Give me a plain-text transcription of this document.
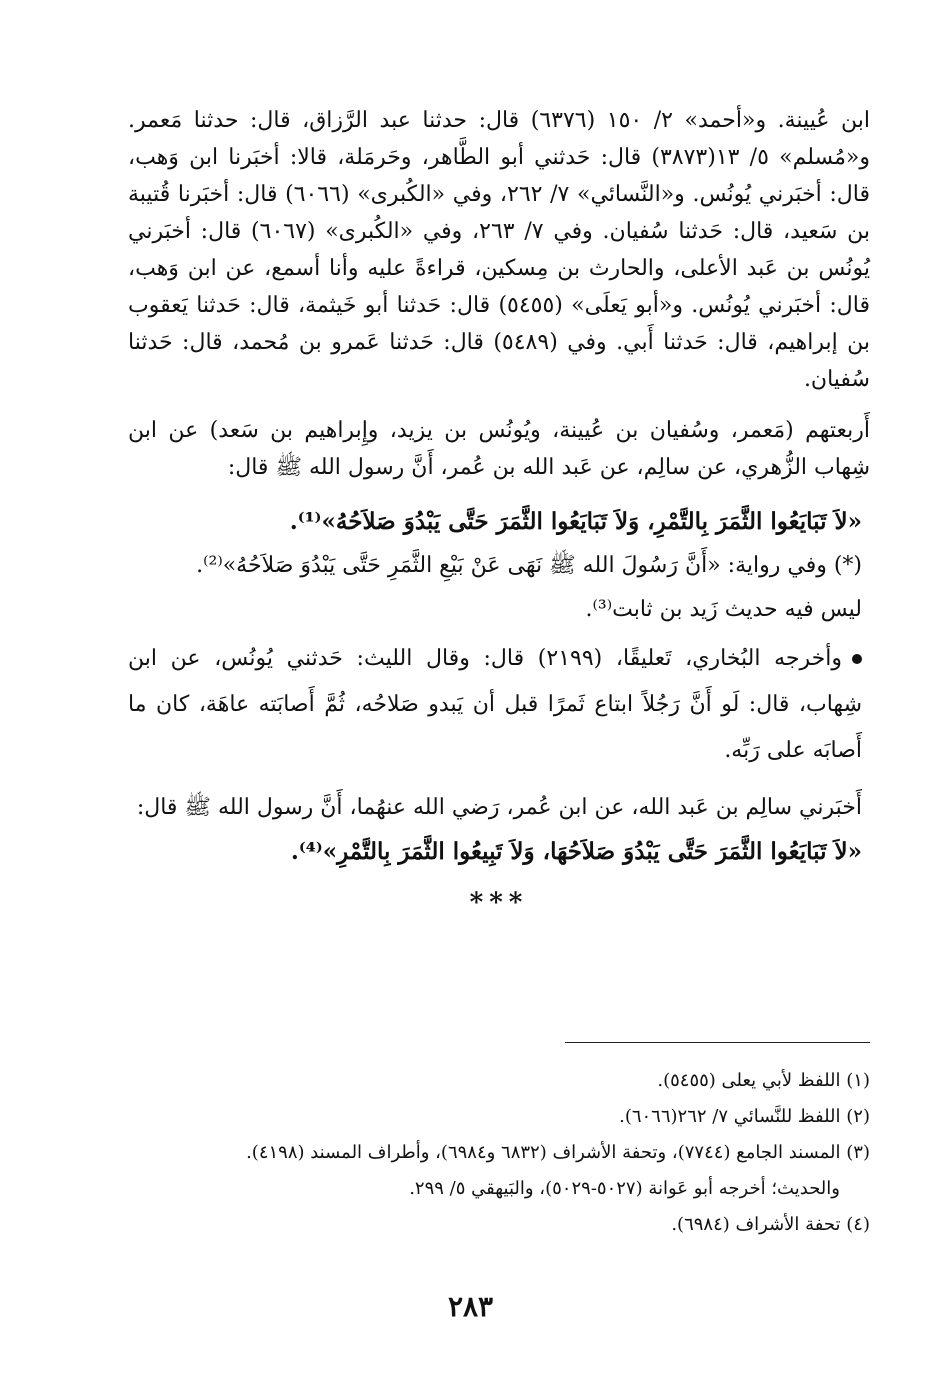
ابن عُيينة. و«أحمد» ٢/ ١٥٠ (٦٣٧٦) قال: حدثنا عبد الرَّزاق، قال: حدثنا مَعمر. و«مُسلم» ٥/ ١٣(٣٨٧٣) قال: حَدثني أبو الطَّاهر، وحَرمَلة، قالا: أخبَرنا ابن وَهب، قال: أخبَرني يُونُس. و«النَّسائي» ٧/ ٢٦٢، وفي «الكُبرى» (٦٠٦٦) قال: أخبَرنا قُتيبة بن سَعيد، قال: حَدثنا سُفيان. وفي ٧/ ٢٦٣، وفي «الكُبرى» (٦٠٦٧) قال: أخبَرني يُونُس بن عَبد الأعلى، والحارث بن مِسكين، قراءةً عليه وأنا أسمع، عن ابن وَهب، قال: أخبَرني يُونُس. و«أبو يَعلَى» (٥٤٥٥) قال: حَدثنا أبو خَيثمة، قال: حَدثنا يَعقوب بن إبراهيم، قال: حَدثنا أَبي. وفي (٥٤٨٩) قال: حَدثنا عَمرو بن مُحمد، قال: حَدثنا سُفيان.

أَربعتهم (مَعمر، وسُفيان بن عُيينة، ويُونُس بن يزيد، وإِبراهيم بن سَعد) عن ابن شِهاب الزُّهري، عن سالِم، عن عَبد الله بن عُمر، أَنَّ رسول الله ﷺ قال:

«لاَ تَبَايَعُوا الثَّمَرَ بِالتَّمْرِ، وَلاَ تَبَايَعُوا الثَّمَرَ حَتَّى يَبْدُوَ صَلاَحُهُ»⁽¹⁾.

(*) وفي رواية: «أَنَّ رَسُولَ الله ﷺ نَهَى عَنْ بَيْعِ الثَّمَرِ حَتَّى يَبْدُوَ صَلاَحُهُ»⁽²⁾.

ليس فيه حديث زَيد بن ثابت⁽³⁾.

وأخرجه البُخاري، تَعليقًا، (٢١٩٩) قال: وقال الليث: حَدثني يُونُس، عن ابن شِهاب، قال: لَو أَنَّ رَجُلاً ابتاع ثَمرًا قبل أن يَبدو صَلاحُه، ثُمَّ أَصابَته عاهَة، كان ما أَصابَه على رَبِّه.

أَخبَرني سالِم بن عَبد الله، عن ابن عُمر، رَضي الله عنهُما، أَنَّ رسول الله ﷺ قال:

«لاَ تَبَايَعُوا الثَّمَرَ حَتَّى يَبْدُوَ صَلاَحُهَا، وَلاَ تَبِيعُوا الثَّمَرَ بِالتَّمْرِ»⁽⁴⁾.

***

(١) اللفظ لأبي يعلى (٥٤٥٥).

(٢) اللفظ للنَّسائي ٧/ ٢٦٢(٦٠٦٦).

(٣) المسند الجامع (٧٧٤٤)، وتحفة الأشراف (٦٨٣٢ و٦٩٨٤)، وأطراف المسند (٤١٩٨).

والحديث؛ أخرجه أبو عَوانة (٥٠٢٧-٥٠٢٩)، والبَيهقي ٥/ ٢٩٩.

(٤) تحفة الأشراف (٦٩٨٤).

٢٨٣
